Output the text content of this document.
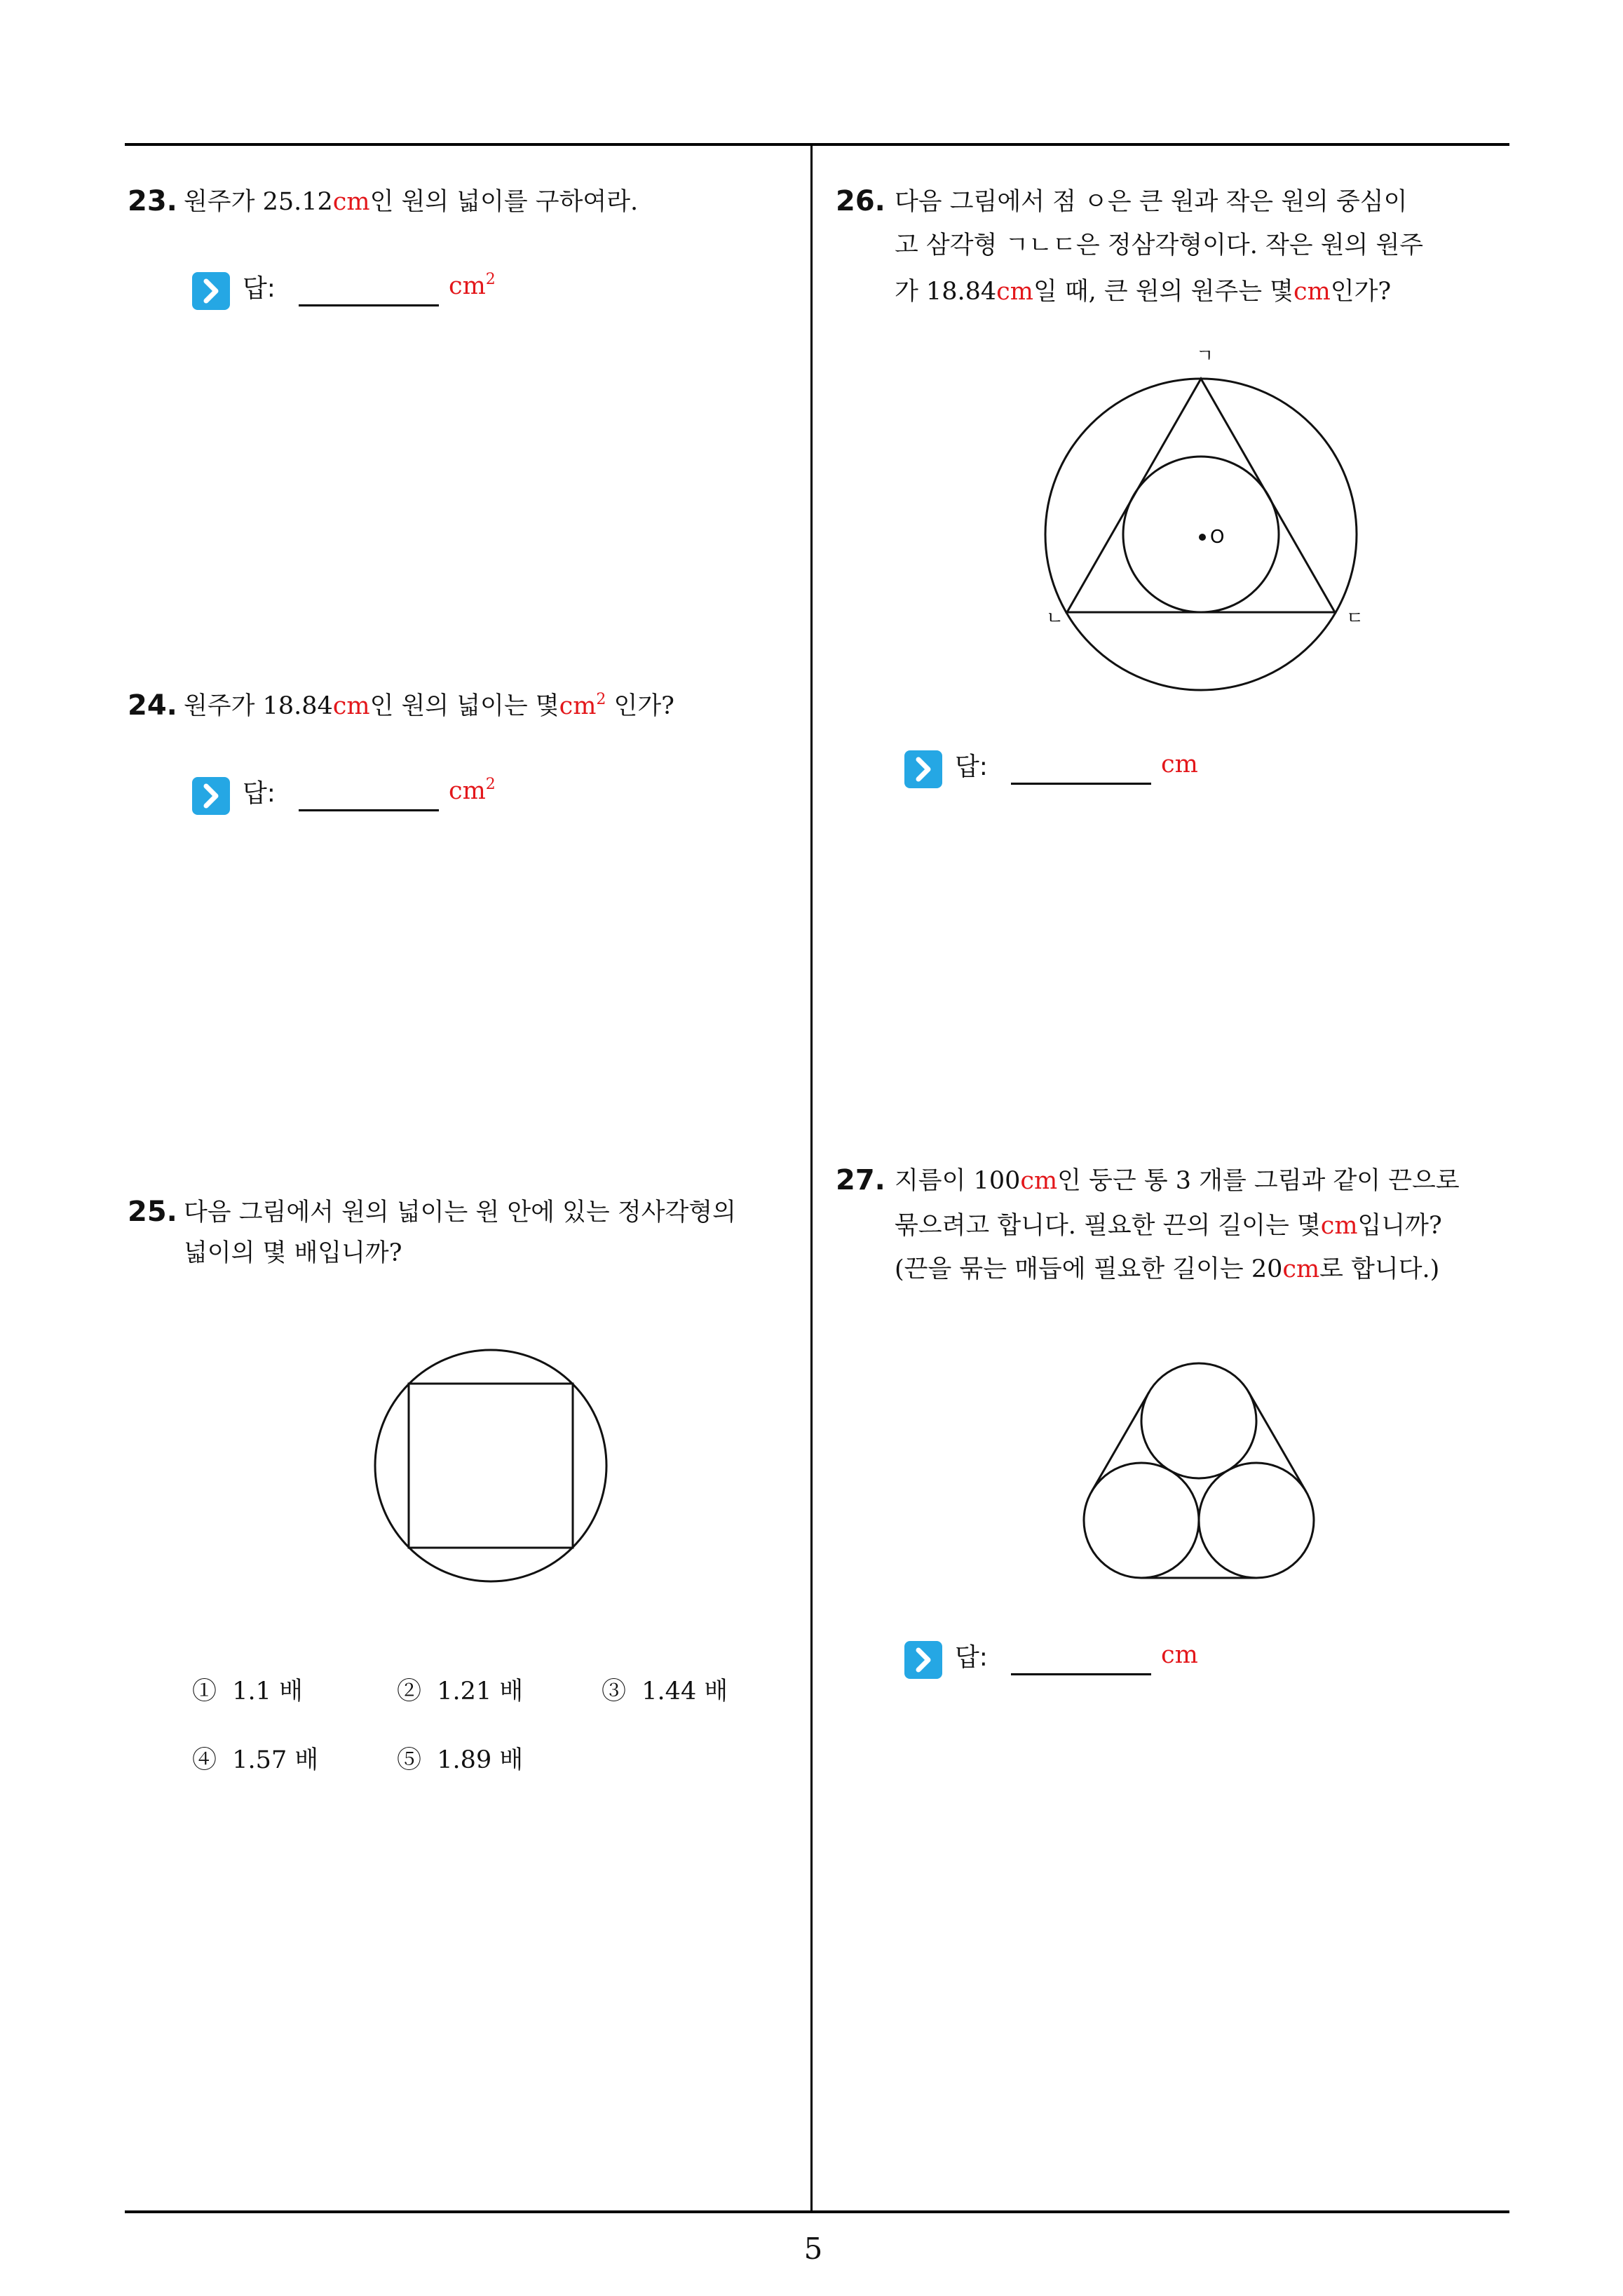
23. 원주가 25.12cm인 원의 넓이를 구하여라.
답:	$cm^2$
24. 원주가 18.84cm인 원의 넓이는 몇$cm^2$ 인가?
답:	$cm^2$
25. 다음 그림에서 원의 넓이는 원 안에 있는 정사각형의
넓이의 몇 배입니까?
① 1.1 배	② 1.21 배	③ 1.44 배
④ 1.57 배	⑤ 1.89 배
26. 다음 그림에서 점 ㅇ은 큰 원과 작은 원의 중심이
고 삼각형 ㄱㄴㄷ은 정삼각형이다. 작은 원의 원주
가 18.84cm일 때, 큰 원의 원주는 몇cm인가?
O
ㄱ
ㄴ	ㄷ
답:	cm
27. 지름이 100cm인 둥근 통 3 개를 그림과 같이 끈으로
묶으려고 합니다. 필요한 끈의 길이는 몇cm입니까?
(끈을 묶는 매듭에 필요한 길이는 20cm로 합니다.)
답:	cm
5
